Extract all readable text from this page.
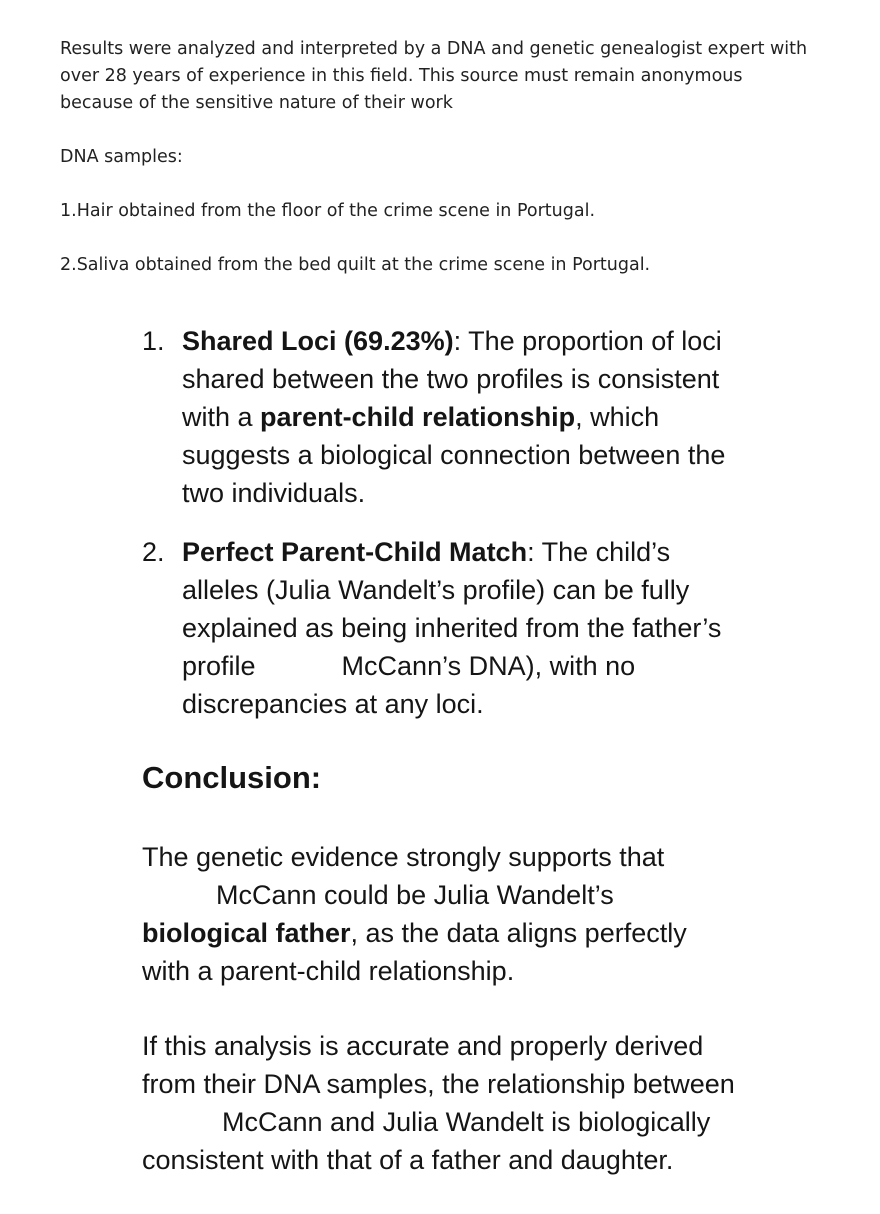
Results were analyzed and interpreted by a DNA and genetic genealogist expert with over 28 years of experience in this field. This source must remain anonymous because of the sensitive nature of their work

DNA samples:

1.Hair obtained from the floor of the crime scene in Portugal.

2.Saliva obtained from the bed quilt at the crime scene in Portugal.

1. Shared Loci (69.23%): The proportion of loci shared between the two profiles is consistent with a parent-child relationship, which suggests a biological connection between the two individuals.
2. Perfect Parent-Child Match: The child’s alleles (Julia Wandelt’s profile) can be fully explained as being inherited from the father’s profile	McCann’s DNA), with no discrepancies at any loci.
Conclusion:

The genetic evidence strongly supports that
McCann could be Julia Wandelt’s
biological father, as the data aligns perfectly with a parent-child relationship.

If this analysis is accurate and properly derived from their DNA samples, the relationship betweenMcCann and Julia Wandelt is biologically consistent with that of a father and daughter.
